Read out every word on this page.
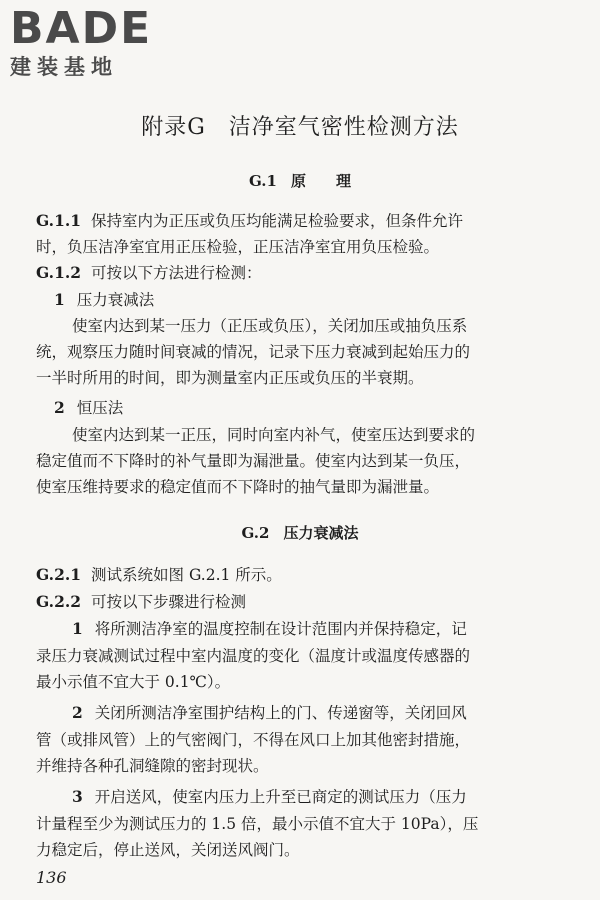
BADE
建装基地
附录G　洁净室气密性检测方法
G.1 原　　理
G.1.1 保持室内为正压或负压均能满足检验要求，但条件允许
时，负压洁净室宜用正压检验，正压洁净室宜用负压检验。
G.1.2 可按以下方法进行检测：
1 压力衰减法
使室内达到某一压力（正压或负压），关闭加压或抽负压系
统，观察压力随时间衰减的情况，记录下压力衰减到起始压力的
一半时所用的时间，即为测量室内正压或负压的半衰期。
2 恒压法
使室内达到某一正压，同时向室内补气，使室压达到要求的
稳定值而不下降时的补气量即为漏泄量。使室内达到某一负压，
使室压维持要求的稳定值而不下降时的抽气量即为漏泄量。
G.2 压力衰减法
G.2.1 测试系统如图 G.2.1 所示。
G.2.2 可按以下步骤进行检测
1 将所测洁净室的温度控制在设计范围内并保持稳定，记
录压力衰减测试过程中室内温度的变化（温度计或温度传感器的
最小示值不宜大于 0.1℃）。
2 关闭所测洁净室围护结构上的门、传递窗等，关闭回风
管（或排风管）上的气密阀门，不得在风口上加其他密封措施，
并维持各种孔洞缝隙的密封现状。
3 开启送风，使室内压力上升至已商定的测试压力（压力
计量程至少为测试压力的 1.5 倍，最小示值不宜大于 10Pa），压
力稳定后，停止送风，关闭送风阀门。
136
